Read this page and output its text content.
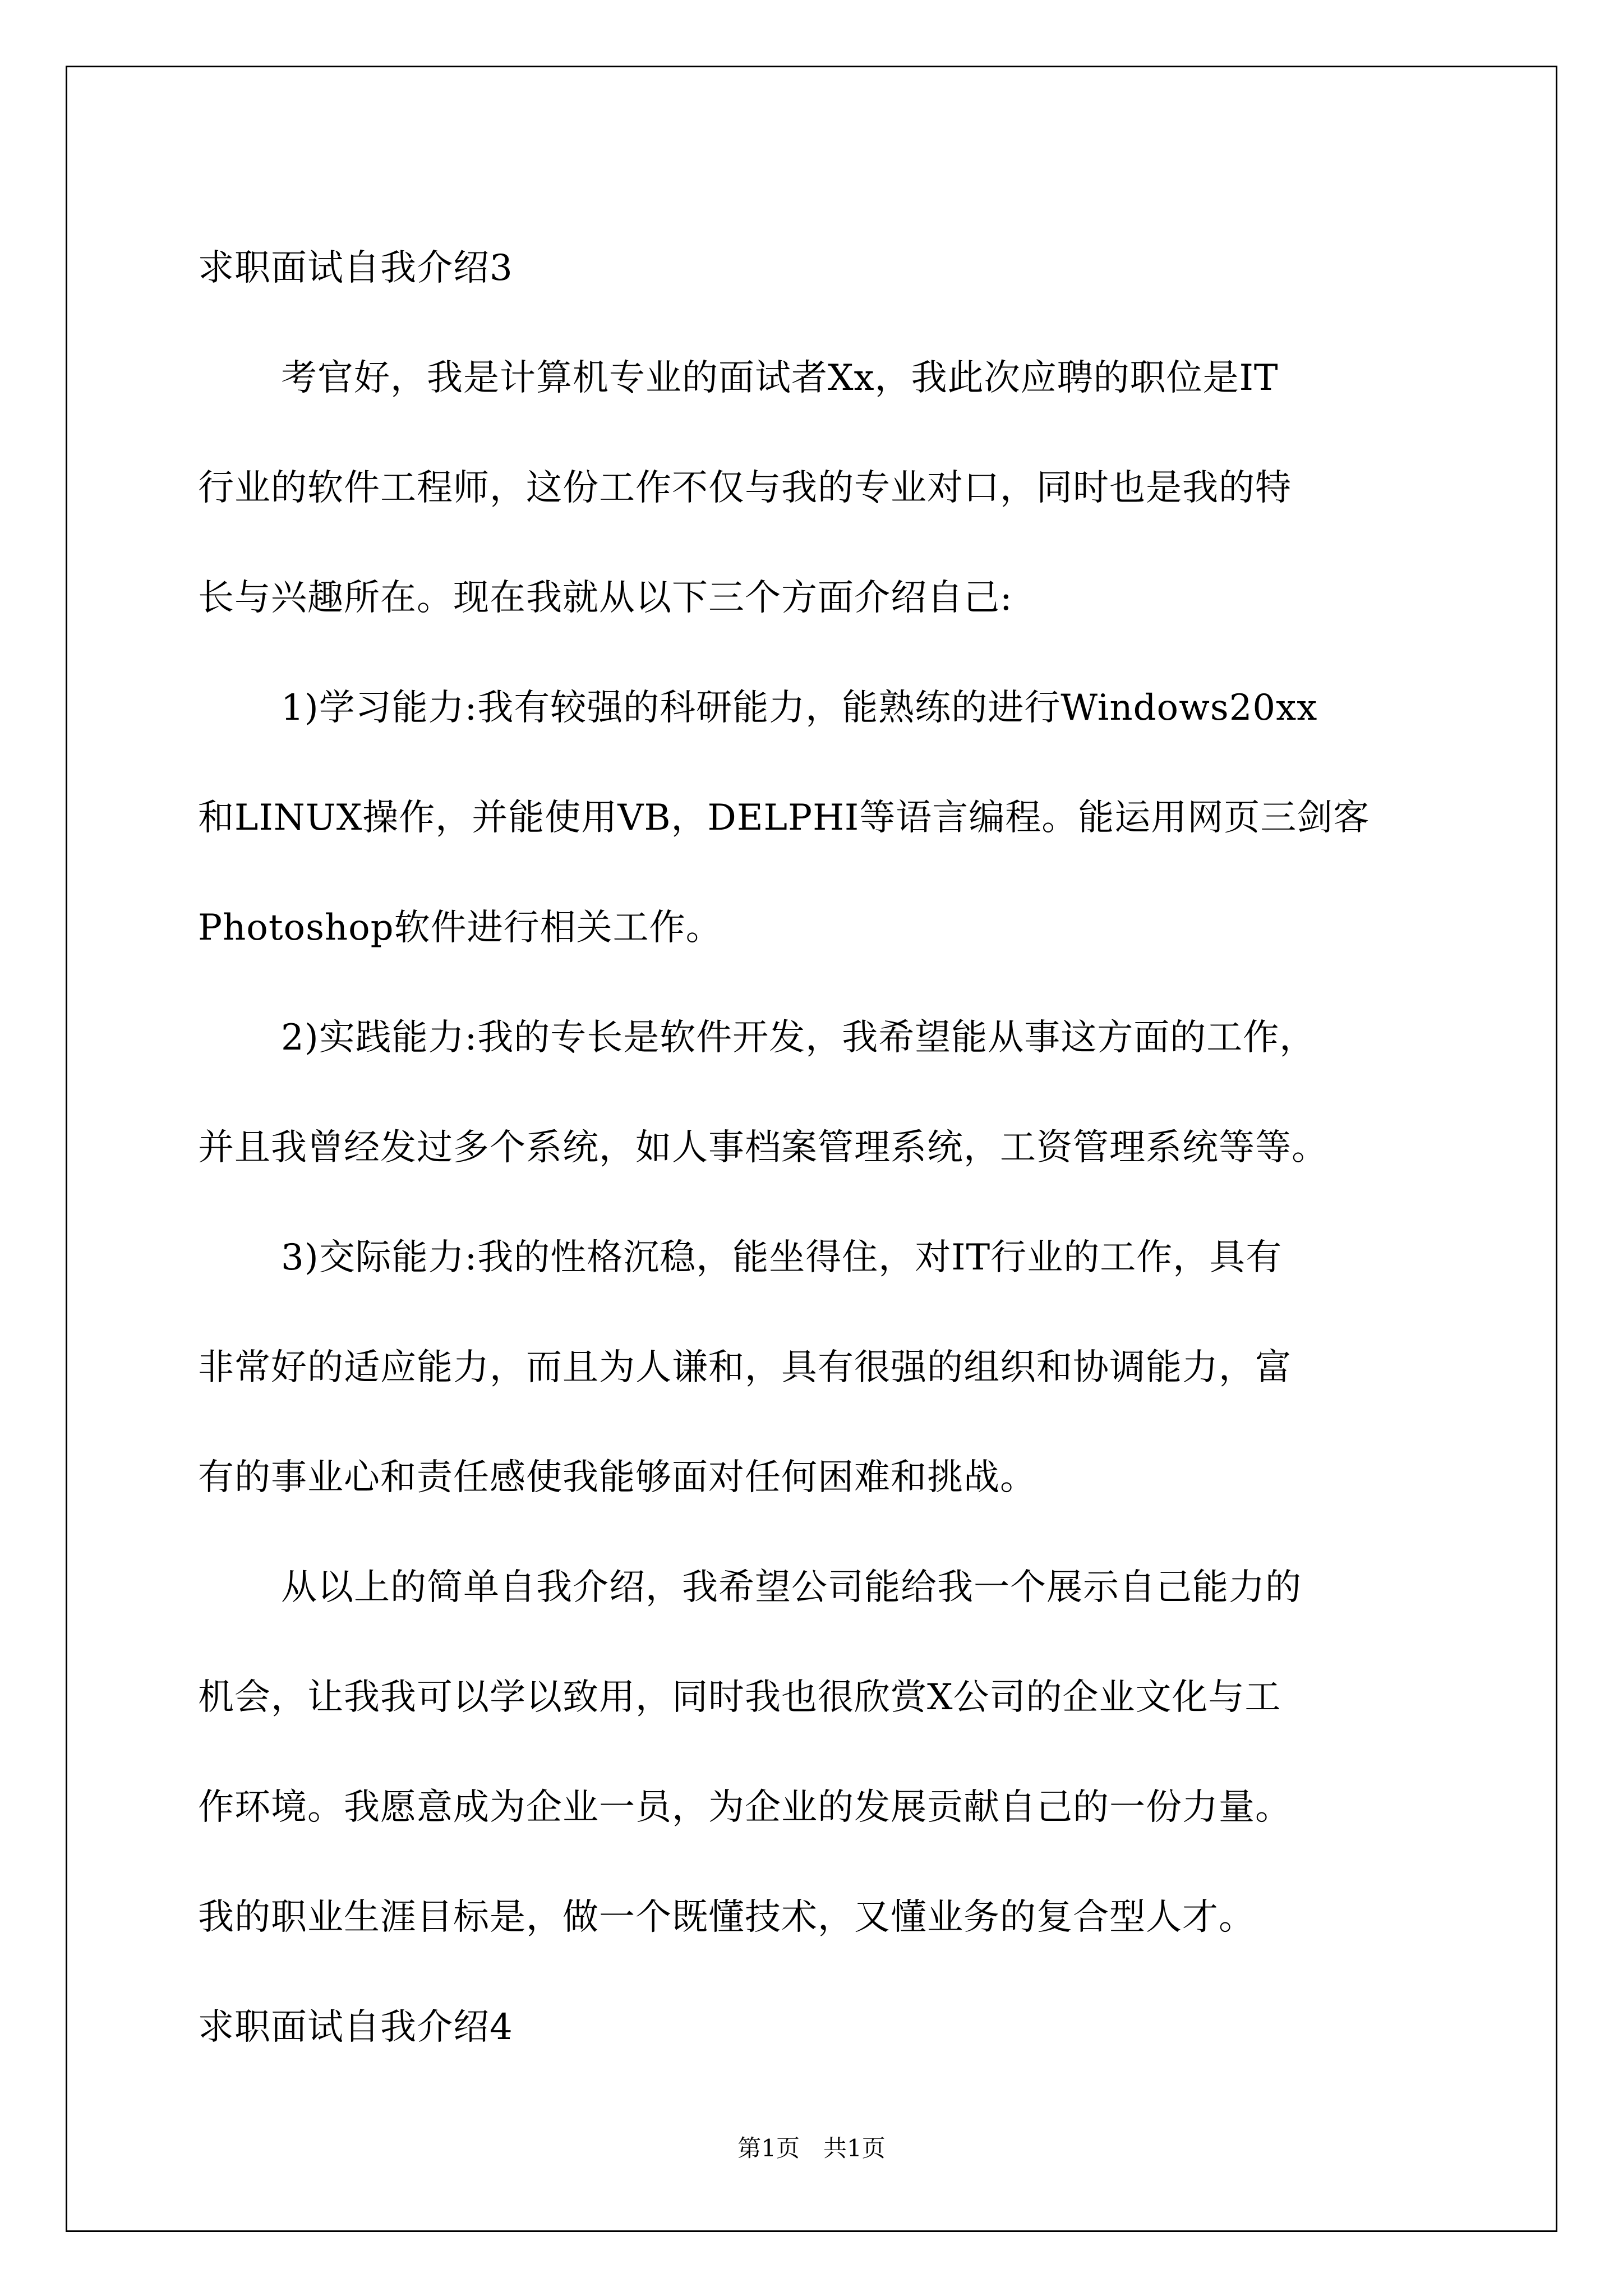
求职面试自我介绍3
考官好，我是计算机专业的面试者Xx，我此次应聘的职位是IT
行业的软件工程师，这份工作不仅与我的专业对口，同时也是我的特
长与兴趣所在。现在我就从以下三个方面介绍自己:
1)学习能力:我有较强的科研能力，能熟练的进行Windows20xx
和LINUX操作，并能使用VB，DELPHI等语言编程。能运用网页三剑客
Photoshop软件进行相关工作。
2)实践能力:我的专长是软件开发，我希望能从事这方面的工作，
并且我曾经发过多个系统，如人事档案管理系统，工资管理系统等等。
3)交际能力:我的性格沉稳，能坐得住，对IT行业的工作，具有
非常好的适应能力，而且为人谦和，具有很强的组织和协调能力，富
有的事业心和责任感使我能够面对任何困难和挑战。
从以上的简单自我介绍，我希望公司能给我一个展示自己能力的
机会，让我我可以学以致用，同时我也很欣赏X公司的企业文化与工
作环境。我愿意成为企业一员，为企业的发展贡献自己的一份力量。
我的职业生涯目标是，做一个既懂技术，又懂业务的复合型人才。
求职面试自我介绍4
第1页 共1页
